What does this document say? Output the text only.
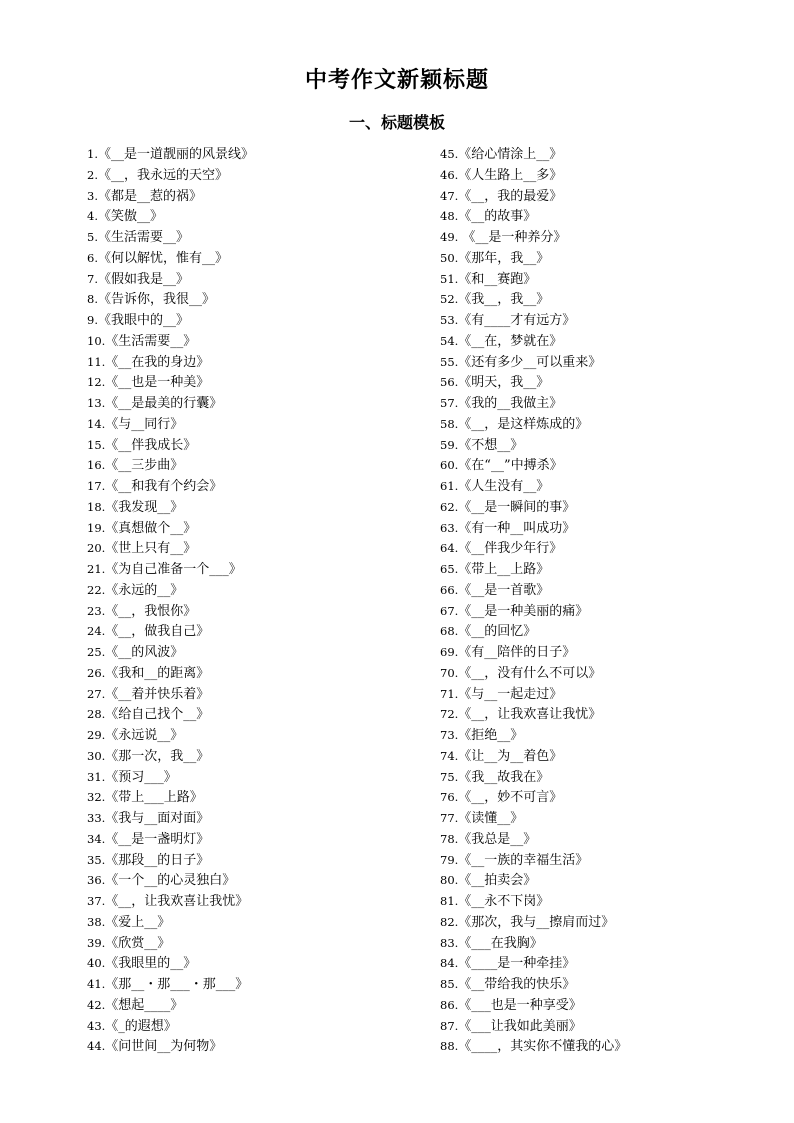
中考作文新颖标题
一、标题模板
1.《__是一道靓丽的风景线》
2.《__，我永远的天空》
3.《都是__惹的祸》
4.《笑傲__》
5.《生活需要__》
6.《何以解忧，惟有__》
7.《假如我是__》
8.《告诉你，我很__》
9.《我眼中的__》
10.《生活需要__》
11.《__在我的身边》
12.《__也是一种美》
13.《__是最美的行囊》
14.《与__同行》
15.《__伴我成长》
16.《__三步曲》
17.《__和我有个约会》
18.《我发现__》
19.《真想做个__》
20.《世上只有__》
21.《为自己准备一个___》
22.《永远的__》
23.《__，我恨你》
24.《__，做我自己》
25.《__的风波》
26.《我和__的距离》
27.《__着并快乐着》
28.《给自己找个__》
29.《永远说__》
30.《那一次，我__》
31.《预习___》
32.《带上___上路》
33.《我与__面对面》
34.《__是一盏明灯》
35.《那段__的日子》
36.《一个__的心灵独白》
37.《__，让我欢喜让我忧》
38.《爱上__》
39.《欣赏__》
40.《我眼里的__》
41.《那__・那___・那___》
42.《想起____》
43.《_的遐想》
44.《问世间__为何物》
45.《给心情涂上__》
46.《人生路上__多》
47.《__，我的最爱》
48.《__的故事》
49. 《__是一种养分》
50.《那年，我__》
51.《和__赛跑》
52.《我__，我__》
53.《有____才有远方》
54.《__在，梦就在》
55.《还有多少__可以重来》
56.《明天，我__》
57.《我的__我做主》
58.《__，是这样炼成的》
59.《不想__》
60.《在“__”中搏杀》
61.《人生没有__》
62.《__是一瞬间的事》
63.《有一种__叫成功》
64.《__伴我少年行》
65.《带上__上路》
66.《__是一首歌》
67.《__是一种美丽的痛》
68.《__的回忆》
69.《有__陪伴的日子》
70.《__，没有什么不可以》
71.《与__一起走过》
72.《__，让我欢喜让我忧》
73.《拒绝__》
74.《让__为__着色》
75.《我__故我在》
76.《__，妙不可言》
77.《读懂__》
78.《我总是__》
79.《__一族的幸福生活》
80.《__拍卖会》
81.《__永不下岗》
82.《那次，我与__擦肩而过》
83.《___在我胸》
84.《____是一种牵挂》
85.《__带给我的快乐》
86.《___也是一种享受》
87.《___让我如此美丽》
88.《____，其实你不懂我的心》
